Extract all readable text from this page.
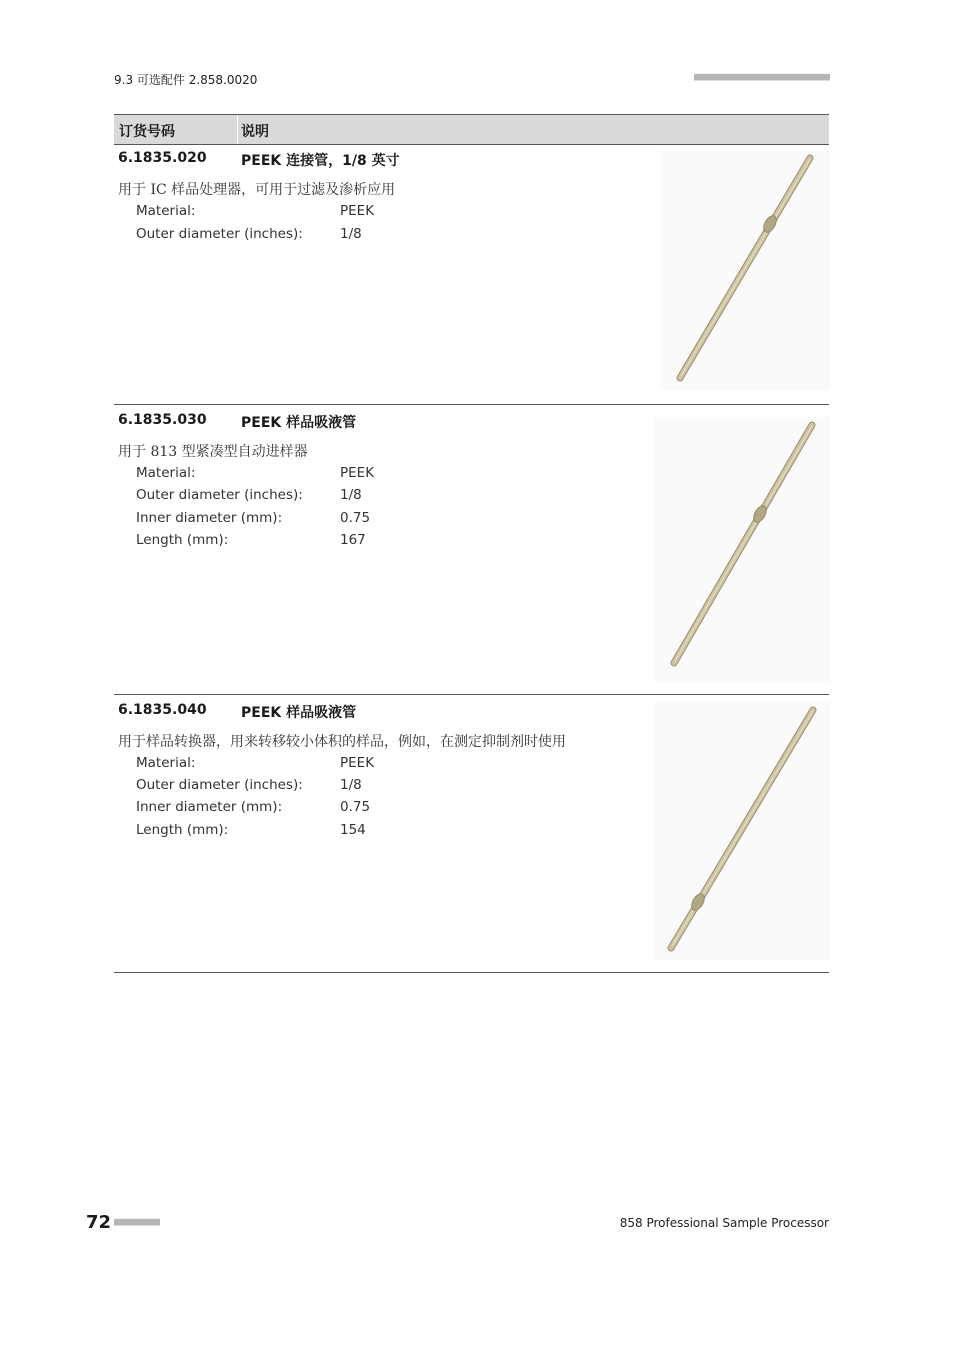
9.3 可选配件 2.858.0020	■■■■■■■■■■■■■■■■■■■■■■■■
订货号码	说明
6.1835.020 PEEK 连接管，1/8 英寸
用于 IC 样品处理器，可用于过滤及渗析应用
Material:	PEEK
Outer diameter (inches):	1/8
6.1835.030 PEEK 样品吸液管
用于 813 型紧凑型自动进样器
Material:	PEEK
Outer diameter (inches):	1/8
Inner diameter (mm):	0.75
Length (mm):	167
6.1835.040 PEEK 样品吸液管
用于样品转换器，用来转移较小体积的样品，例如，在测定抑制剂时使用
Material:	PEEK
Outer diameter (inches):	1/8
Inner diameter (mm):	0.75
Length (mm):	154
72 ■■■■■■■■	858 Professional Sample Processor
